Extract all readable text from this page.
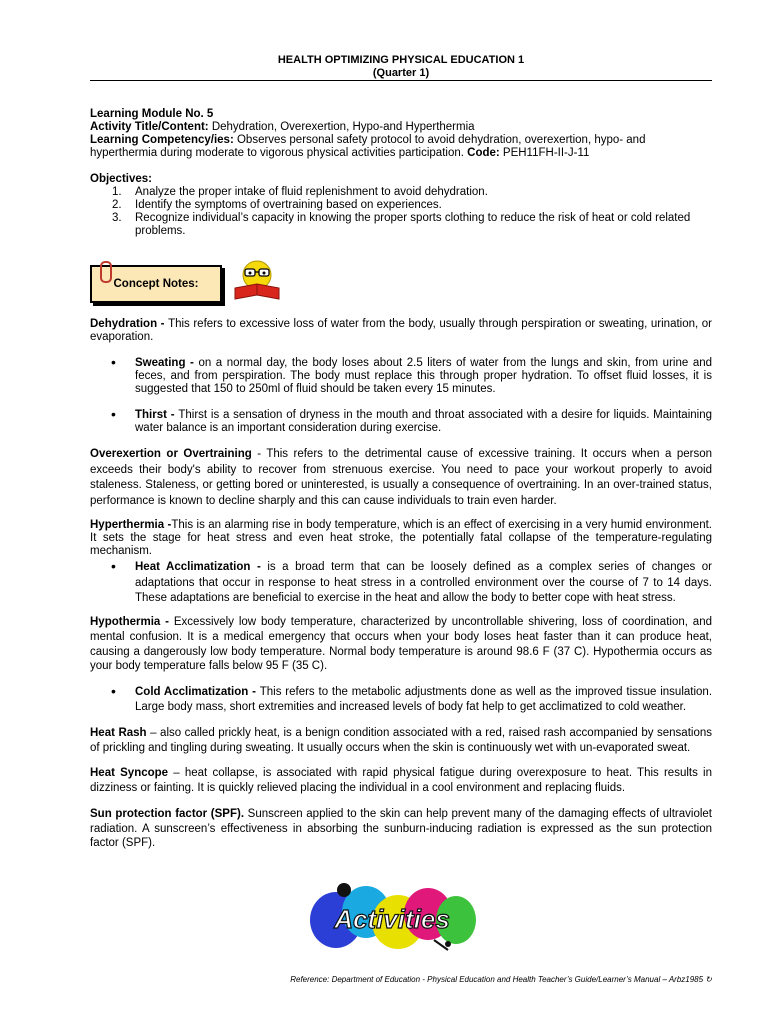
HEALTH OPTIMIZING PHYSICAL EDUCATION 1
(Quarter 1)
Learning Module No. 5
Activity Title/Content: Dehydration, Overexertion, Hypo-and Hyperthermia
Learning Competency/ies: Observes personal safety protocol to avoid dehydration, overexertion, hypo- and hyperthermia during moderate to vigorous physical activities participation. Code: PEH11FH-II-J-11
Objectives:
1. Analyze the proper intake of fluid replenishment to avoid dehydration.
2. Identify the symptoms of overtraining based on experiences.
3. Recognize individual’s capacity in knowing the proper sports clothing to reduce the risk of heat or cold related problems.
Concept Notes:
Dehydration - This refers to excessive loss of water from the body, usually through perspiration or sweating, urination, or evaporation.
• Sweating - on a normal day, the body loses about 2.5 liters of water from the lungs and skin, from urine and feces, and from perspiration. The body must replace this through proper hydration. To offset fluid losses, it is suggested that 150 to 250ml of fluid should be taken every 15 minutes.
• Thirst - Thirst is a sensation of dryness in the mouth and throat associated with a desire for liquids. Maintaining water balance is an important consideration during exercise.
Overexertion or Overtraining - This refers to the detrimental cause of excessive training. It occurs when a person exceeds their body's ability to recover from strenuous exercise. You need to pace your workout properly to avoid staleness. Staleness, or getting bored or uninterested, is usually a consequence of overtraining. In an over-trained status, performance is known to decline sharply and this can cause individuals to train even harder.
Hyperthermia -This is an alarming rise in body temperature, which is an effect of exercising in a very humid environment. It sets the stage for heat stress and even heat stroke, the potentially fatal collapse of the temperature-regulating mechanism.
• Heat Acclimatization - is a broad term that can be loosely defined as a complex series of changes or adaptations that occur in response to heat stress in a controlled environment over the course of 7 to 14 days. These adaptations are beneficial to exercise in the heat and allow the body to better cope with heat stress.
Hypothermia - Excessively low body temperature, characterized by uncontrollable shivering, loss of coordination, and mental confusion. It is a medical emergency that occurs when your body loses heat faster than it can produce heat, causing a dangerously low body temperature. Normal body temperature is around 98.6 F (37 C). Hypothermia occurs as your body temperature falls below 95 F (35 C).
• Cold Acclimatization - This refers to the metabolic adjustments done as well as the improved tissue insulation. Large body mass, short extremities and increased levels of body fat help to get acclimatized to cold weather.
Heat Rash – also called prickly heat, is a benign condition associated with a red, raised rash accompanied by sensations of prickling and tingling during sweating. It usually occurs when the skin is continuously wet with un-evaporated sweat.
Heat Syncope – heat collapse, is associated with rapid physical fatigue during overexposure to heat. This results in dizziness or fainting. It is quickly relieved placing the individual in a cool environment and replacing fluids.
Sun protection factor (SPF). Sunscreen applied to the skin can help prevent many of the damaging effects of ultraviolet radiation. A sunscreen’s effectiveness in absorbing the sunburn-inducing radiation is expressed as the sun protection factor (SPF).
Activities
Reference: Department of Education - Physical Education and Health Teacher’s Guide/Learner’s Manual – Arbz1985 ↻
